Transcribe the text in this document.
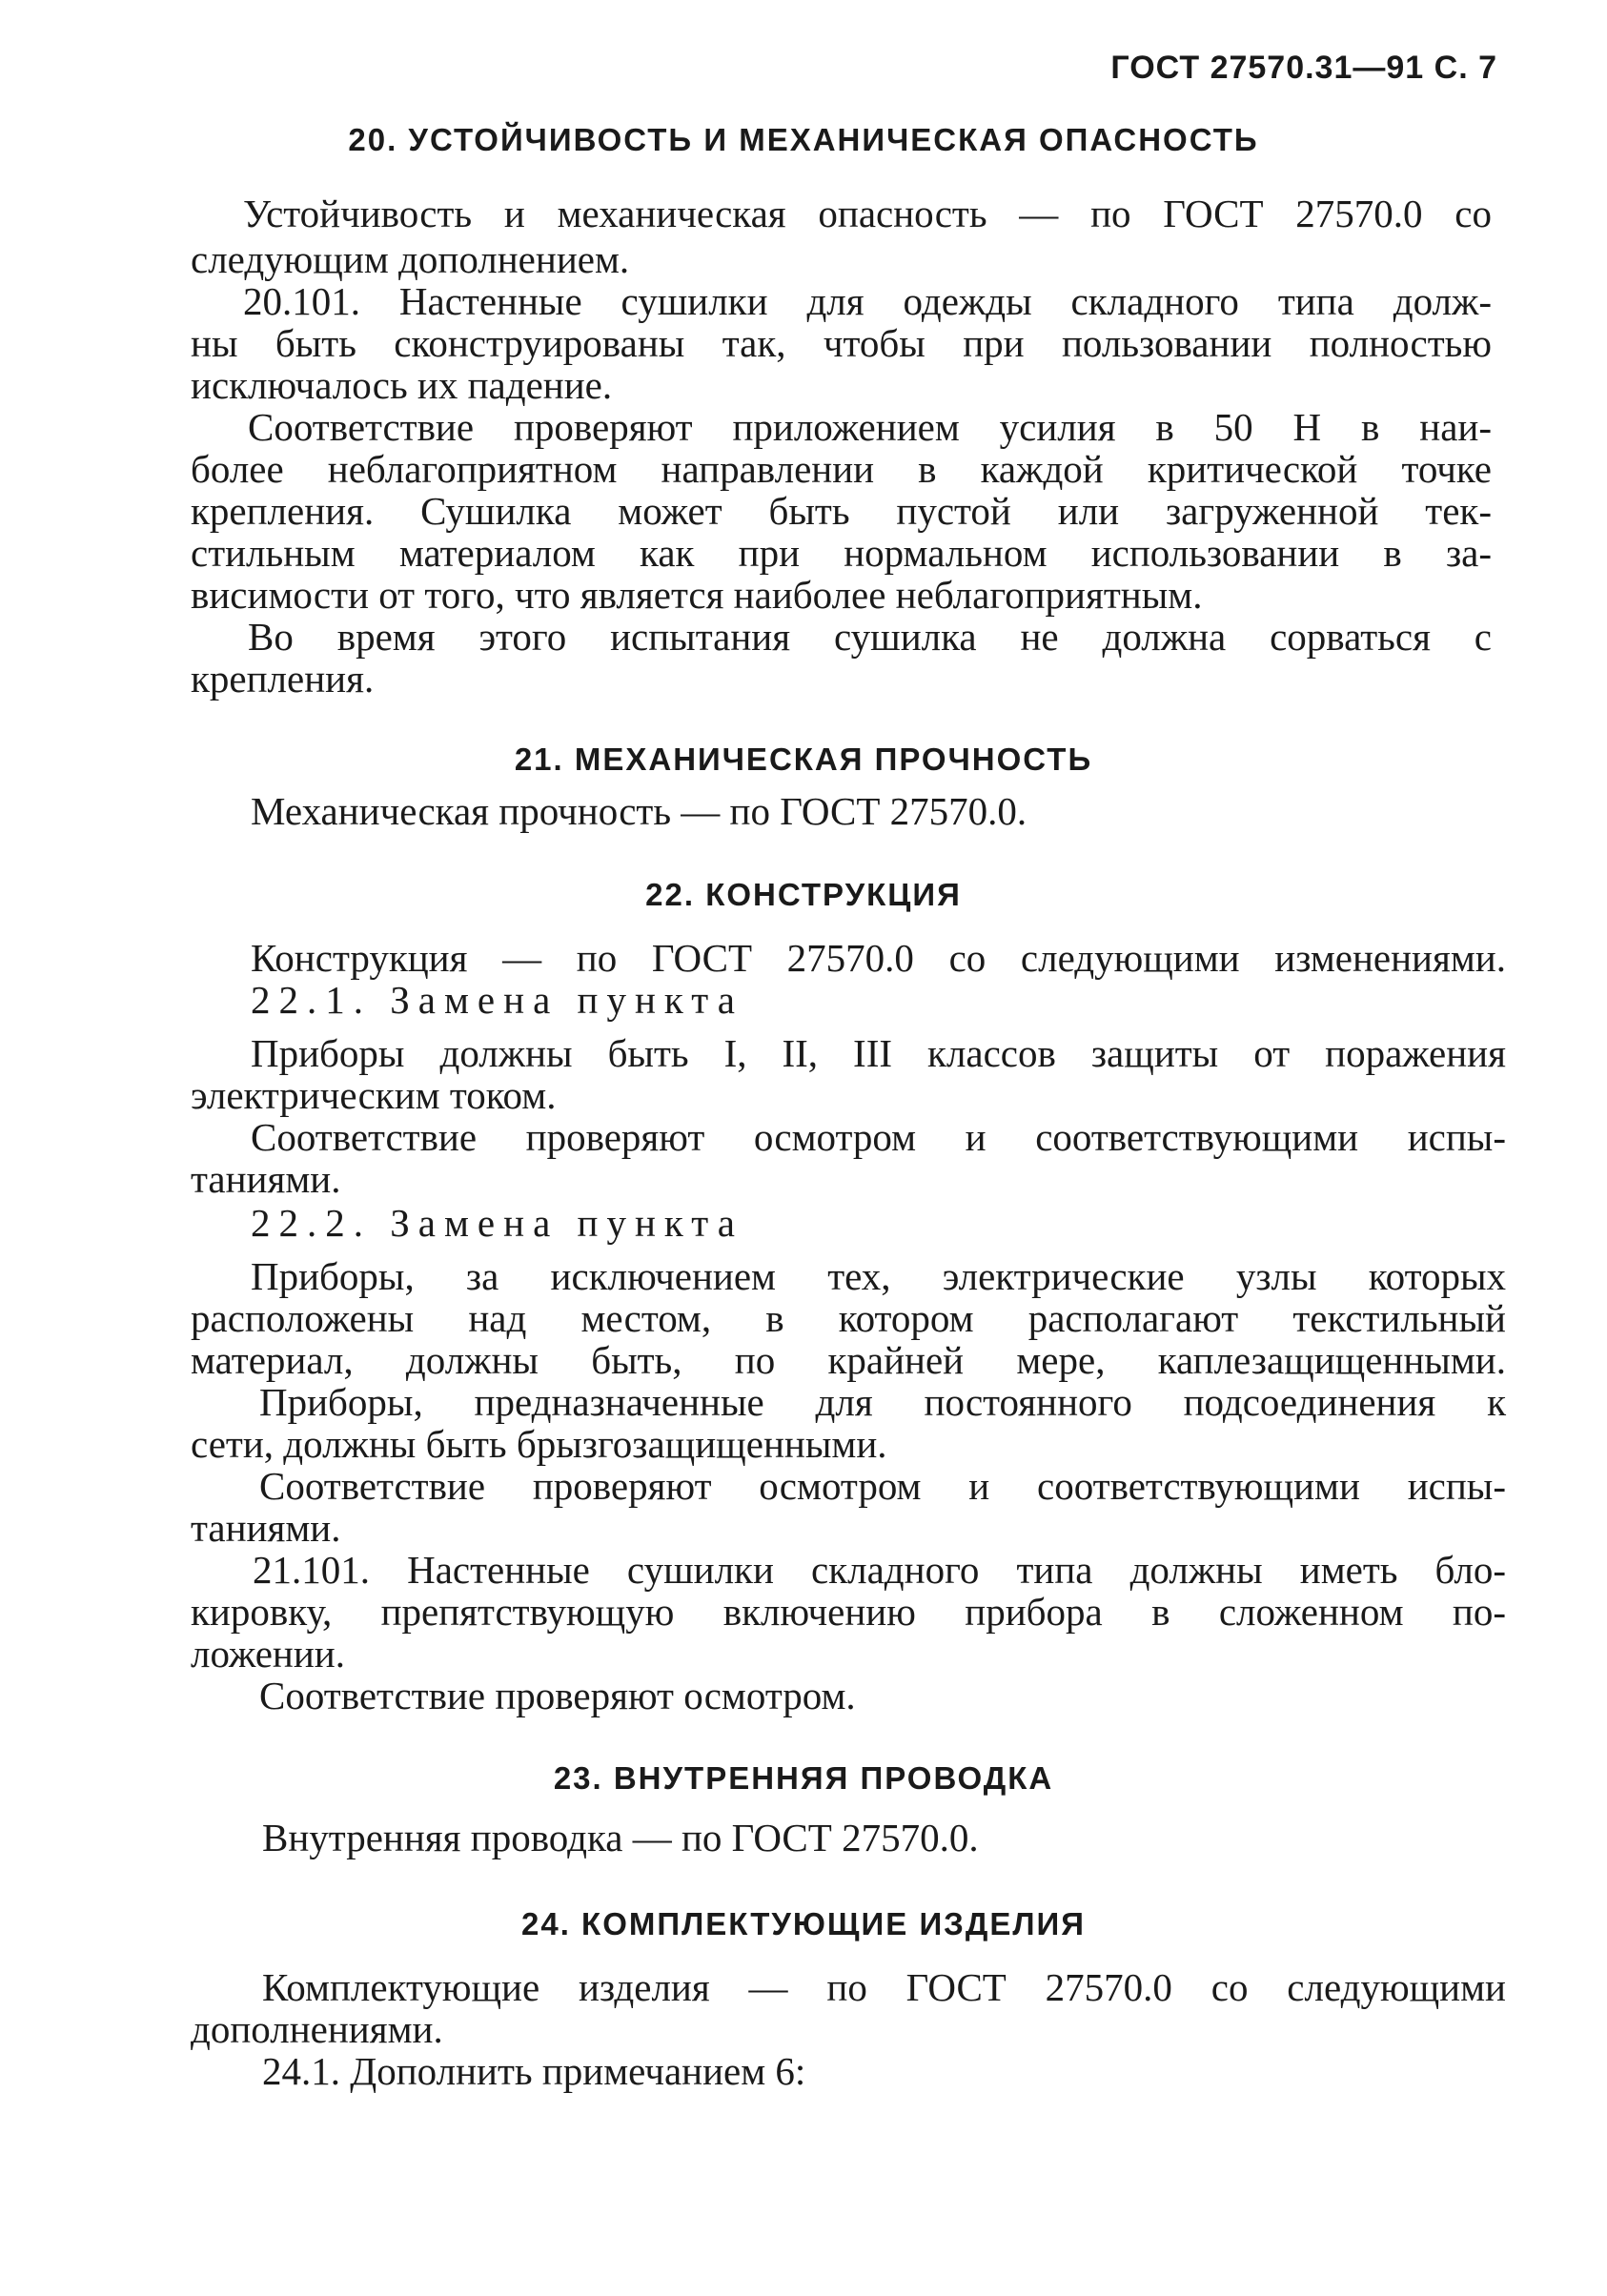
ГОСТ 27570.31—91 С. 7
20. УСТОЙЧИВОСТЬ И МЕХАНИЧЕСКАЯ ОПАСНОСТЬ
Устойчивость и механическая опасность — по ГОСТ 27570.0 со
следующим дополнением.
20.101. Настенные сушилки для одежды складного типа долж-
ны быть сконструированы так, чтобы при пользовании полностью
исключалось их падение.
Соответствие проверяют приложением усилия в 50 Н в наи-
более неблагоприятном направлении в каждой критической точке
крепления. Сушилка может быть пустой или загруженной тек-
стильным материалом как при нормальном использовании в за-
висимости от того, что является наиболее неблагоприятным.
Во время этого испытания сушилка не должна сорваться с
крепления.
21. МЕХАНИЧЕСКАЯ ПРОЧНОСТЬ
Механическая прочность — по ГОСТ 27570.0.
22. КОНСТРУКЦИЯ
Конструкция — по ГОСТ 27570.0 со следующими изменениями.
22.1. Замена пункта
Приборы должны быть I, II, III классов защиты от поражения
электрическим током.
Соответствие проверяют осмотром и соответствующими испы-
таниями.
22.2. Замена пункта
Приборы, за исключением тех, электрические узлы которых
расположены над местом, в котором располагают текстильный
материал, должны быть, по крайней мере, каплезащищенными.
Приборы, предназначенные для постоянного подсоединения к
сети, должны быть брызгозащищенными.
Соответствие проверяют осмотром и соответствующими испы-
таниями.
21.101. Настенные сушилки складного типа должны иметь бло-
кировку, препятствующую включению прибора в сложенном по-
ложении.
Соответствие проверяют осмотром.
23. ВНУТРЕННЯЯ ПРОВОДКА
Внутренняя проводка — по ГОСТ 27570.0.
24. КОМПЛЕКТУЮЩИЕ ИЗДЕЛИЯ
Комплектующие изделия — по ГОСТ 27570.0 со следующими
дополнениями.
24.1. Дополнить примечанием 6:
